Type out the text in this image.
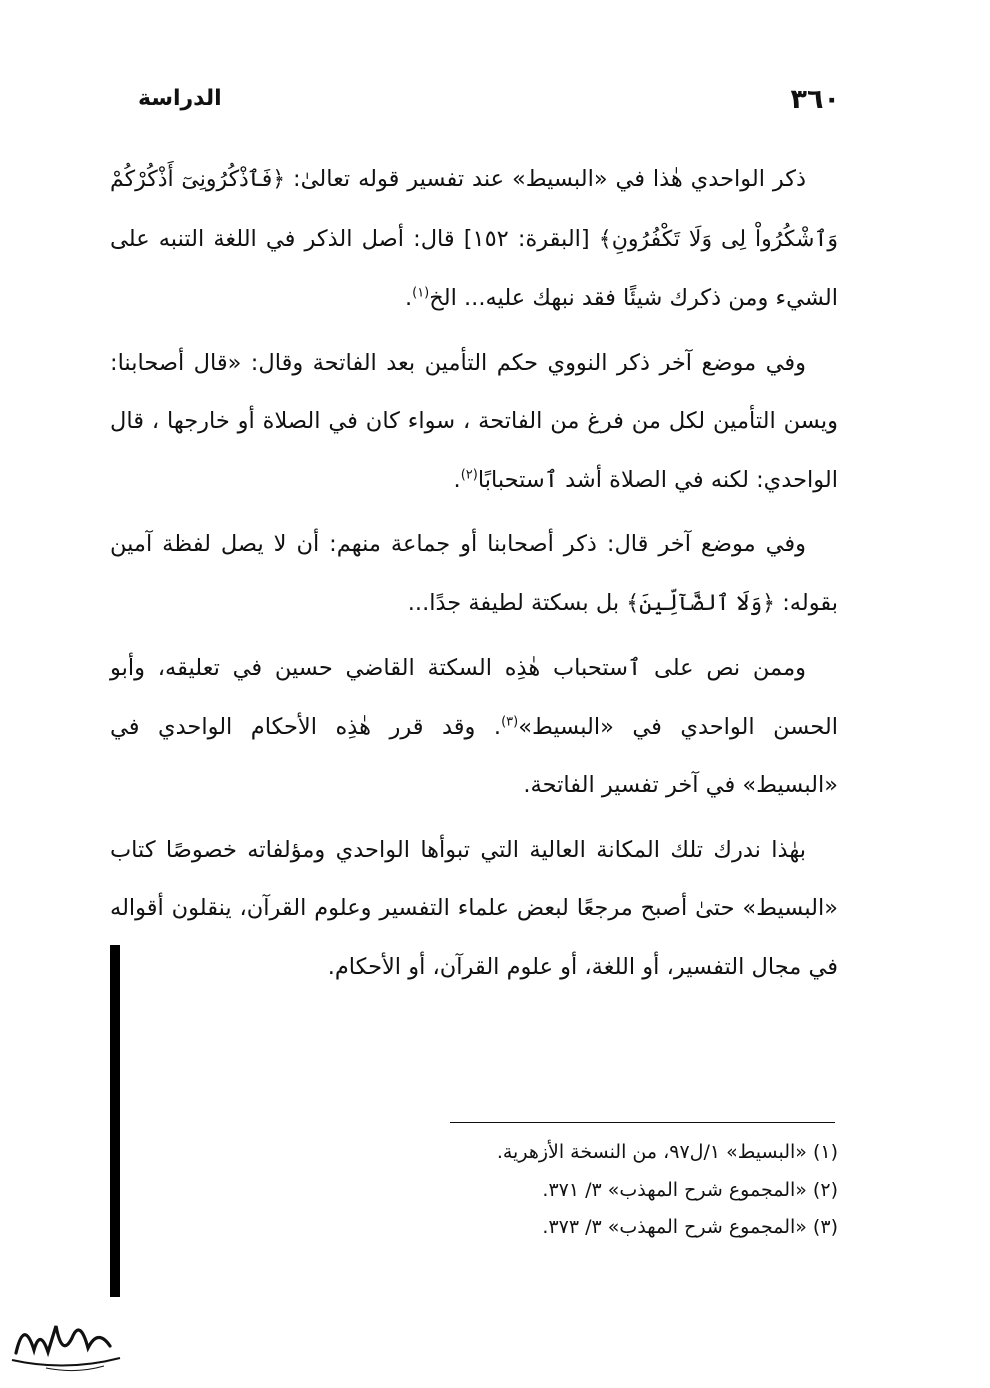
٣٦٠
الدراسة

ذكر الواحدي هٰذا في «البسيط» عند تفسير قوله تعالىٰ: ﴿فَٱذْكُرُونِىٓ أَذْكُرْكُمْ وَٱشْكُرُواْ لِى وَلَا تَكْفُرُونِ﴾ [البقرة: ١٥٢] قال: أصل الذكر في اللغة التنبه على الشيء ومن ذكرك شيئًا فقد نبهك عليه... الخ$^{(١)}$.

وفي موضع آخر ذكر النووي حكم التأمين بعد الفاتحة وقال: «قال أصحابنا: ويسن التأمين لكل من فرغ من الفاتحة ، سواء كان في الصلاة أو خارجها ، قال الواحدي: لكنه في الصلاة أشد ٱستحبابًا$^{(٢)}$.

وفي موضع آخر قال: ذكر أصحابنا أو جماعة منهم: أن لا يصل لفظة آمين بقوله: ﴿وَلَا ٱلضَّآلِّينَ﴾ بل بسكتة لطيفة جدًا...

وممن نص على ٱستحباب هٰذِه السكتة القاضي حسين في تعليقه، وأبو الحسن الواحدي في «البسيط»$^{(٣)}$. وقد قرر هٰذِه الأحكام الواحدي في «البسيط» في آخر تفسير الفاتحة.

بهٰذا ندرك تلك المكانة العالية التي تبوأها الواحدي ومؤلفاته خصوصًا كتاب «البسيط» حتىٰ أصبح مرجعًا لبعض علماء التفسير وعلوم القرآن، ينقلون أقواله في مجال التفسير، أو اللغة، أو علوم القرآن، أو الأحكام.

(١) «البسيط» ١/ل٩٧، من النسخة الأزهرية.

(٢) «المجموع شرح المهذب» ٣/ ٣٧١.

(٣) «المجموع شرح المهذب» ٣/ ٣٧٣.
